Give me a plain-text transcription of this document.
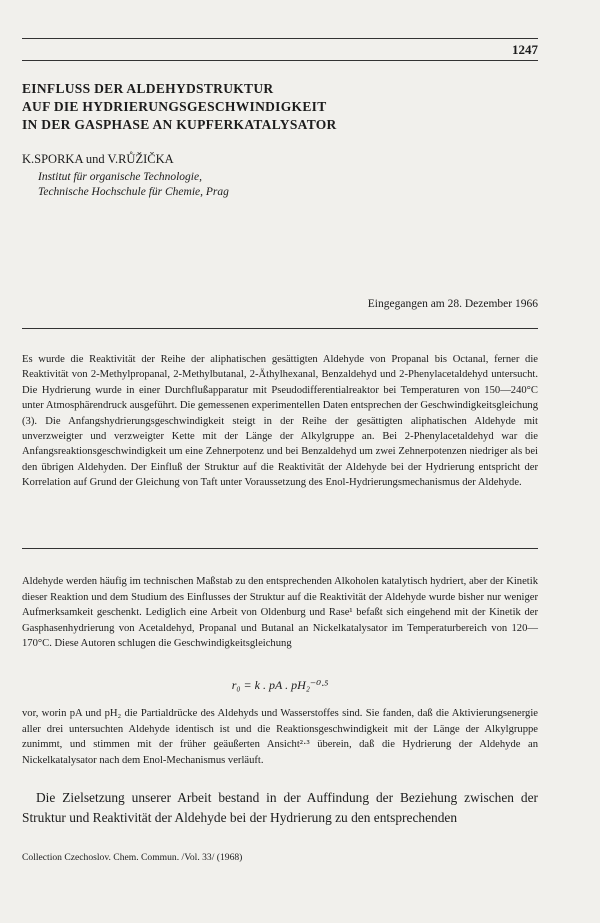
1247
EINFLUSS DER ALDEHYDSTRUKTUR
AUF DIE HYDRIERUNGSGESCHWINDIGKEIT
IN DER GASPHASE AN KUPFERKATALYSATOR
K.SPORKA und V.RŮŽIČKA
Institut für organische Technologie,
Technische Hochschule für Chemie, Prag
Eingegangen am 28. Dezember 1966
Es wurde die Reaktivität der Reihe der aliphatischen gesättigten Aldehyde von Propanal bis Octanal, ferner die Reaktivität von 2-Methylpropanal, 2-Methylbutanal, 2-Äthylhexanal, Benzaldehyd und 2-Phenylacetaldehyd untersucht. Die Hydrierung wurde in einer Durchflußapparatur mit Pseudodifferentialreaktor bei Temperaturen von 150—240°C unter Atmosphärendruck ausgeführt. Die gemessenen experimentellen Daten entsprechen der Geschwindigkeitsgleichung (3). Die Anfangshydrierungsgeschwindigkeit steigt in der Reihe der gesättigten aliphatischen Aldehyde mit unverzweigter und verzweigter Kette mit der Länge der Alkylgruppe an. Bei 2-Phenylacetaldehyd war die Anfangsreaktionsgeschwindigkeit um eine Zehnerpotenz und bei Benzaldehyd um zwei Zehnerpotenzen niedriger als bei den übrigen Aldehyden. Der Einfluß der Struktur auf die Reaktivität der Aldehyde bei der Hydrierung entspricht der Korrelation auf Grund der Gleichung von Taft unter Voraussetzung des Enol-Hydrierungsmechanismus der Aldehyde.
Aldehyde werden häufig im technischen Maßstab zu den entsprechenden Alkoholen katalytisch hydriert, aber der Kinetik dieser Reaktion und dem Studium des Einflusses der Struktur auf die Reaktivität der Aldehyde wurde bisher nur weniger Aufmerksamkeit geschenkt. Lediglich eine Arbeit von Oldenburg und Rase¹ befaßt sich eingehend mit der Kinetik der Gasphasenhydrierung von Acetaldehyd, Propanal und Butanal an Nickelkatalysator im Temperaturbereich von 120—170°C. Diese Autoren schlugen die Geschwindigkeitsgleichung
r₀ = k . pA . pH₂⁻⁰·⁵
vor, worin pA und pH₂ die Partialdrücke des Aldehyds und Wasserstoffes sind. Sie fanden, daß die Aktivierungsenergie aller drei untersuchten Aldehyde identisch ist und die Reaktionsgeschwindigkeit mit der Länge der Alkylgruppe zunimmt, und stimmen mit der früher geäußerten Ansicht²·³ überein, daß die Hydrierung der Aldehyde an Nickelkatalysator nach dem Enol-Mechanismus verläuft.
Die Zielsetzung unserer Arbeit bestand in der Auffindung der Beziehung zwischen der Struktur und Reaktivität der Aldehyde bei der Hydrierung zu den entsprechenden
Collection Czechoslov. Chem. Commun. /Vol. 33/ (1968)
